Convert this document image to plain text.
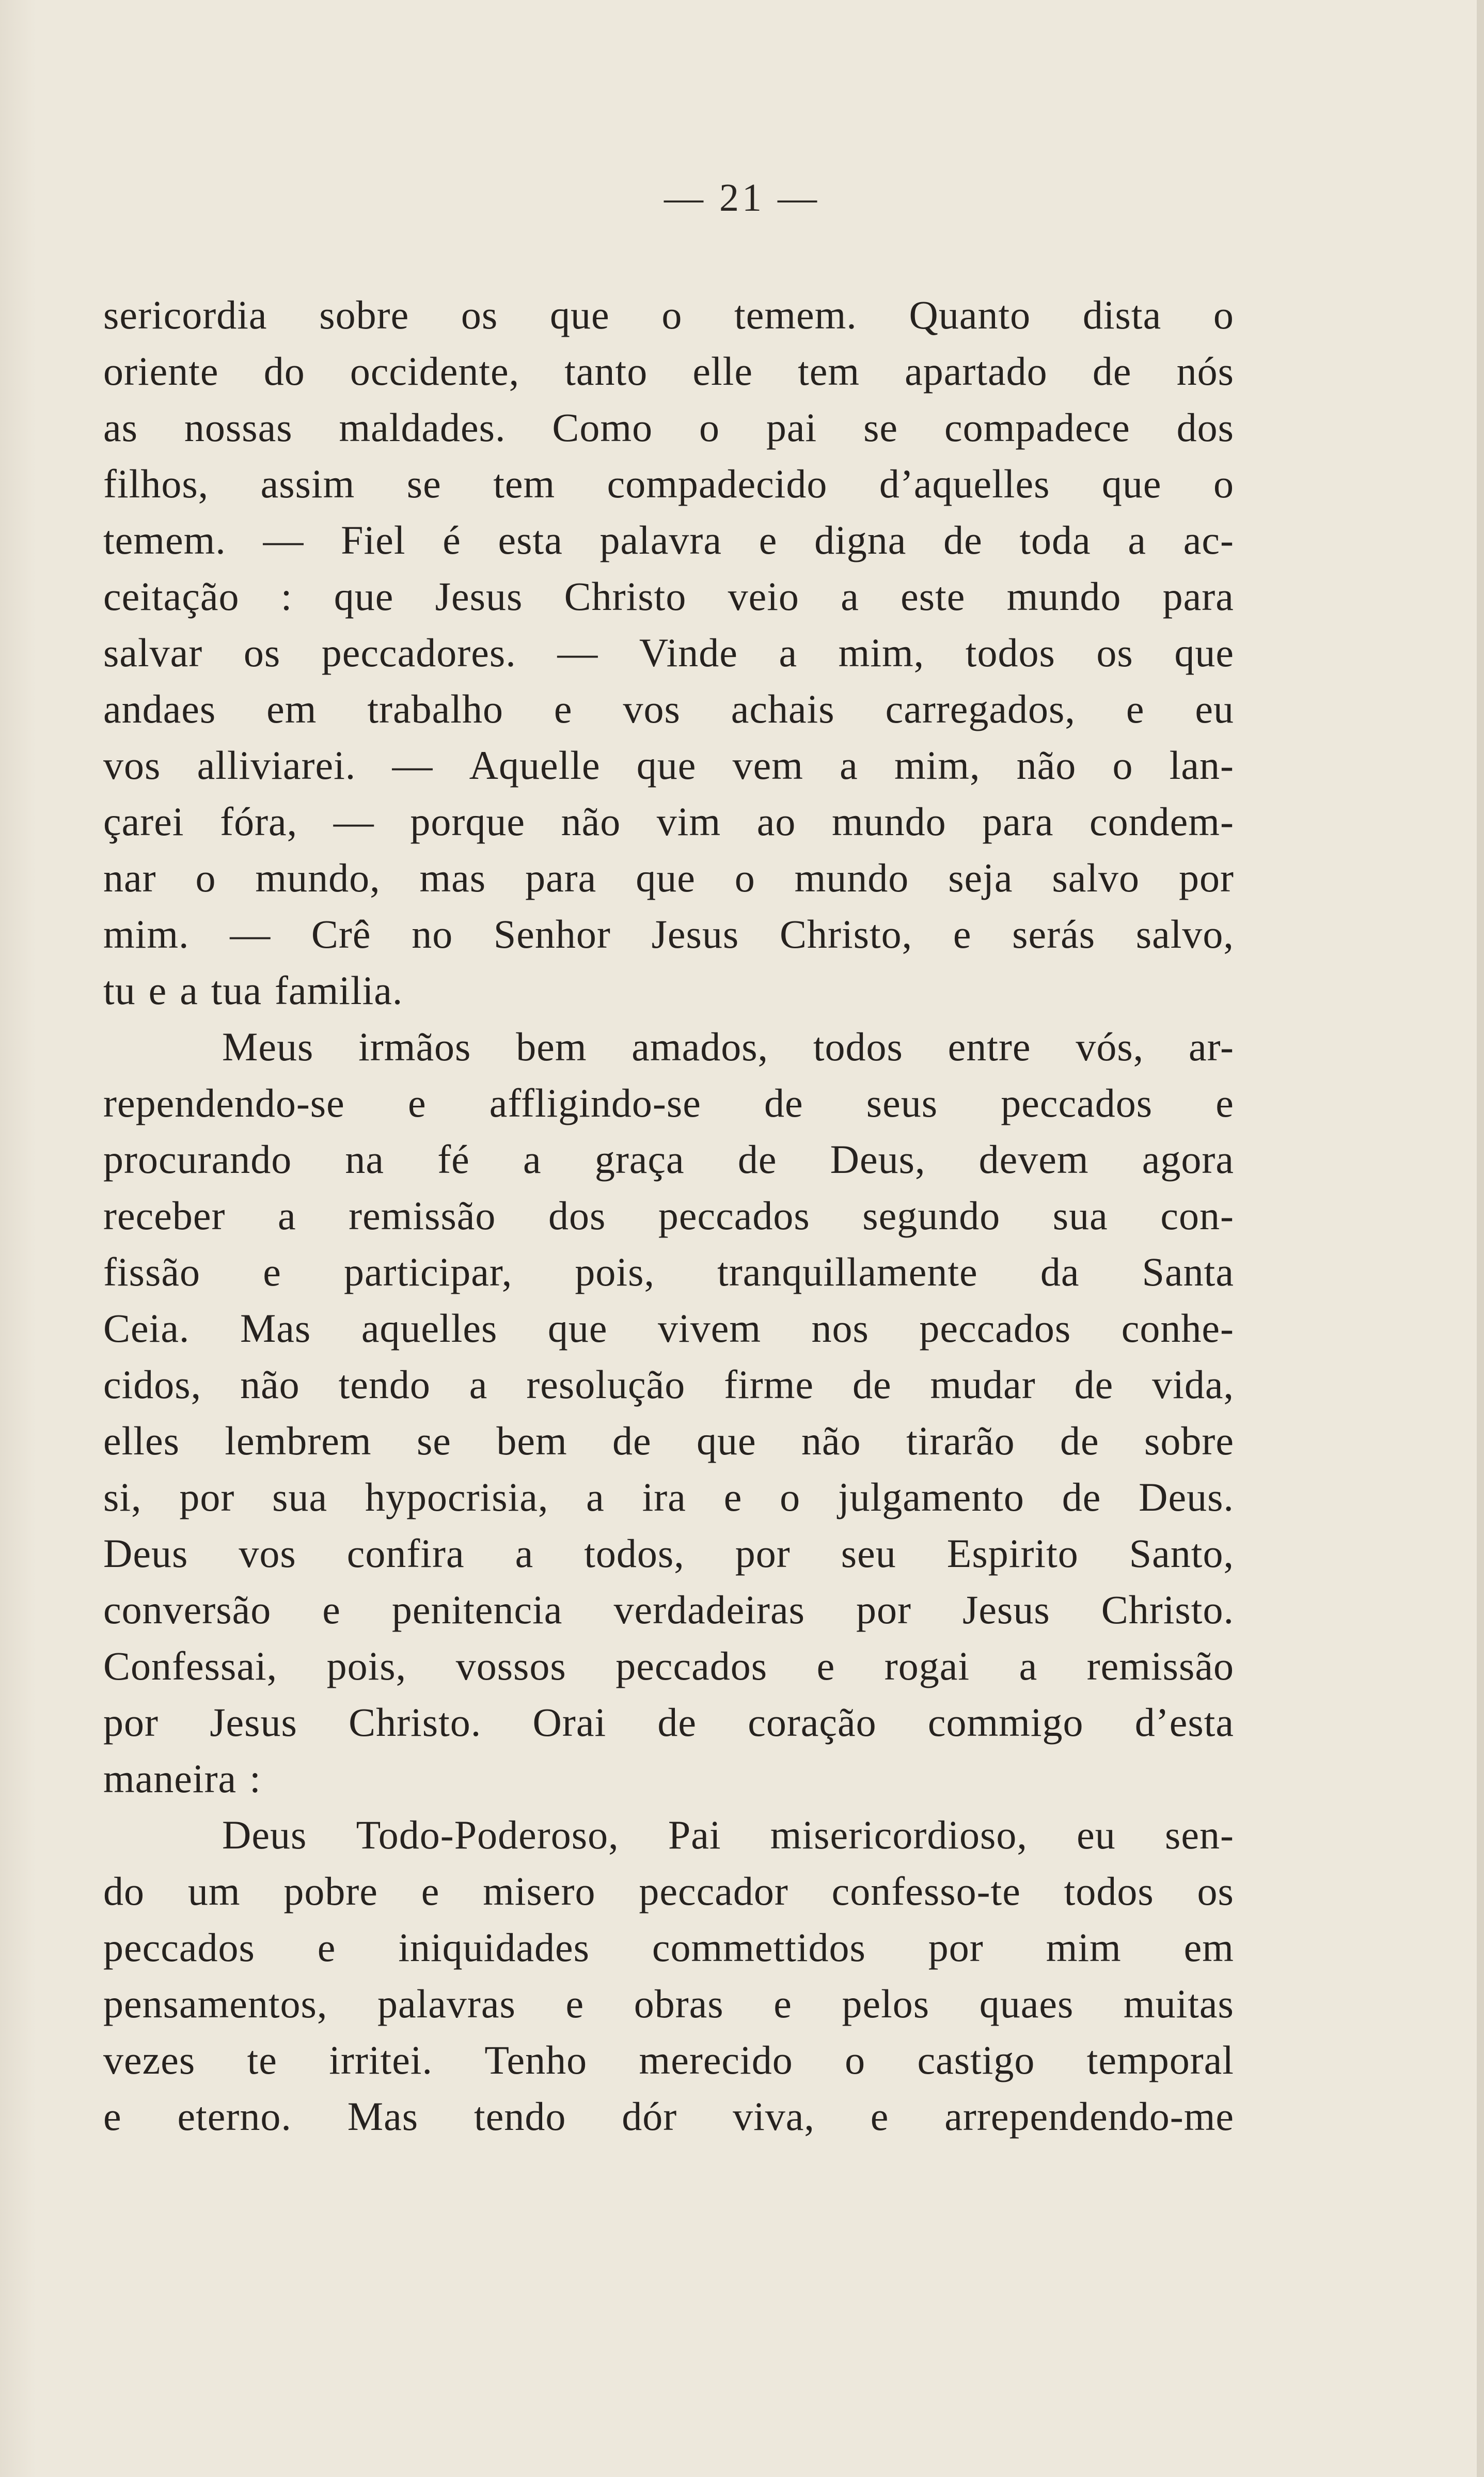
— 21 —
sericordia sobre os que o temem. Quanto dista o
oriente do occidente, tanto elle tem apartado de nós
as nossas maldades. Como o pai se compadece dos
filhos, assim se tem compadecido d’aquelles que o
temem. — Fiel é esta palavra e digna de toda a ac-
ceitação : que Jesus Christo veio a este mundo para
salvar os peccadores. — Vinde a mim, todos os que
andaes em trabalho e vos achais carregados, e eu
vos alliviarei. — Aquelle que vem a mim, não o lan-
çarei fóra, — porque não vim ao mundo para condem-
nar o mundo, mas para que o mundo seja salvo por
mim. — Crê no Senhor Jesus Christo, e serás salvo,
tu e a tua familia.
Meus irmãos bem amados, todos entre vós, ar-
rependendo-se e affligindo-se de seus peccados e
procurando na fé a graça de Deus, devem agora
receber a remissão dos peccados segundo sua con-
fissão e participar, pois, tranquillamente da Santa
Ceia. Mas aquelles que vivem nos peccados conhe-
cidos, não tendo a resolução firme de mudar de vida,
elles lembrem se bem de que não tirarão de sobre
si, por sua hypocrisia, a ira e o julgamento de Deus.
Deus vos confira a todos, por seu Espirito Santo,
conversão e penitencia verdadeiras por Jesus Christo.
Confessai, pois, vossos peccados e rogai a remissão
por Jesus Christo. Orai de coração commigo d’esta
maneira :
Deus Todo-Poderoso, Pai misericordioso, eu sen-
do um pobre e misero peccador confesso-te todos os
peccados e iniquidades commettidos por mim em
pensamentos, palavras e obras e pelos quaes muitas
vezes te irritei. Tenho merecido o castigo temporal
e eterno. Mas tendo dór viva, e arrependendo-me
